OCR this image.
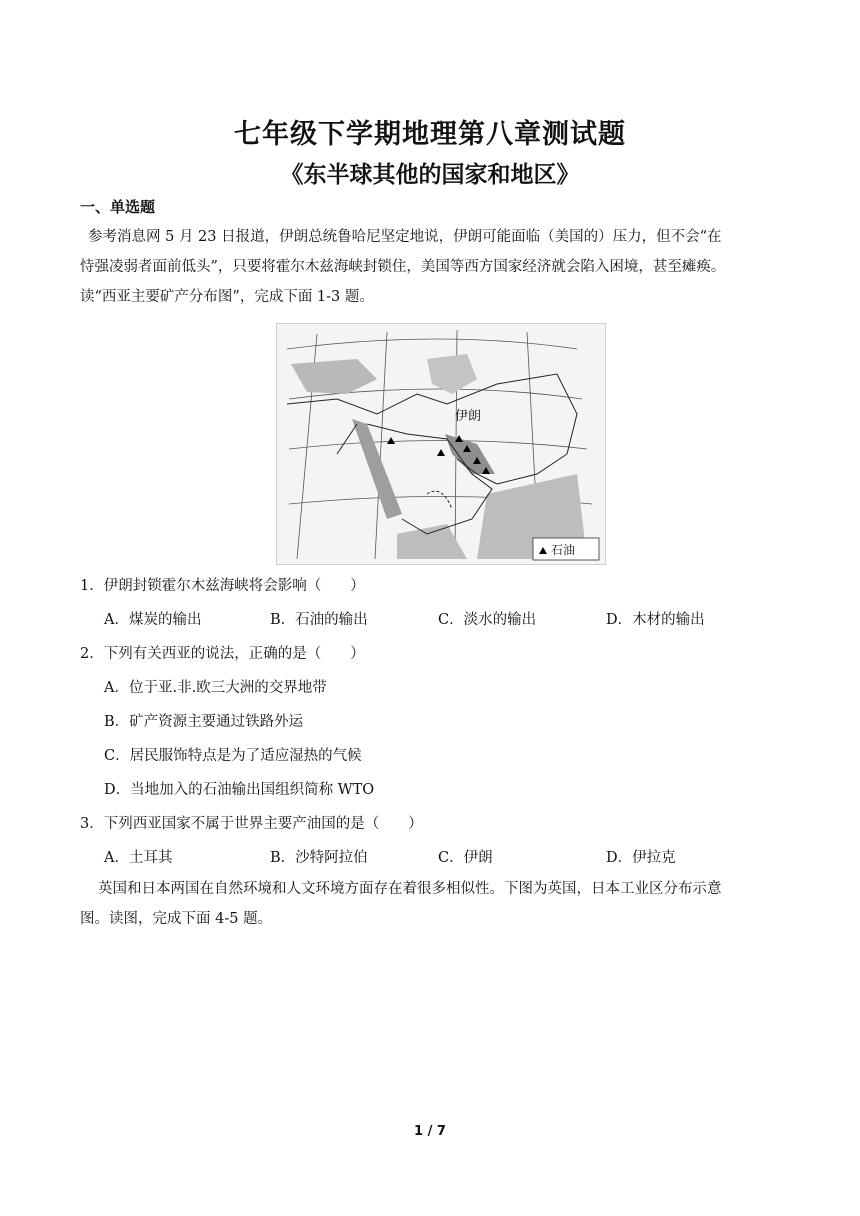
七年级下学期地理第八章测试题
《东半球其他的国家和地区》
一、单选题
参考消息网 5 月 23 日报道，伊朗总统鲁哈尼坚定地说，伊朗可能面临（美国的）压力，但不会“在
恃强凌弱者面前低头”，只要将霍尔木兹海峡封锁住，美国等西方国家经济就会陷入困境，甚至瘫痪。
读“西亚主要矿产分布图”，完成下面 1-3 题。
伊朗
石油
1．伊朗封锁霍尔木兹海峡将会影响（　　）
A．煤炭的输出	B．石油的输出	C．淡水的输出	D．木材的输出
2．下列有关西亚的说法，正确的是（　　）
A．位于亚.非.欧三大洲的交界地带
B．矿产资源主要通过铁路外运
C．居民服饰特点是为了适应湿热的气候
D．当地加入的石油输出国组织简称 WTO
3．下列西亚国家不属于世界主要产油国的是（　　）
A．土耳其	B．沙特阿拉伯	C．伊朗	D．伊拉克
英国和日本两国在自然环境和人文环境方面存在着很多相似性。下图为英国，日本工业区分布示意
图。读图，完成下面 4-5 题。
1 / 7
